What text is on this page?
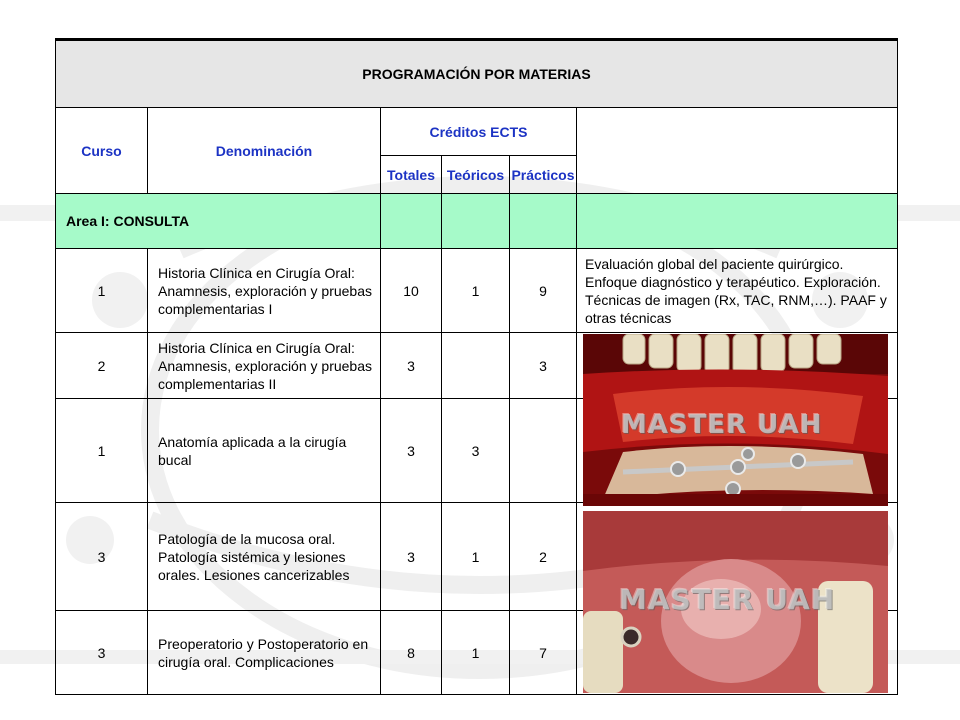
PROGRAMACIÓN POR MATERIAS					
Curso	Denominación	Créditos ECTS			
		Totales	Teóricos	Prácticos	
Area I: CONSULTA					
1	Historia Clínica en Cirugía Oral: Anamnesis, exploración y pruebas complementarias I	10	1	9	Evaluación global del paciente quirúrgico. Enfoque diagnóstico y terapéutico. Exploración. Técnicas de imagen (Rx, TAC, RNM,…). PAAF y otras técnicas
2	Historia Clínica en Cirugía Oral: Anamnesis, exploración y pruebas complementarias II	3		3	
1	Anatomía aplicada a la cirugía bucal	3	3		
3	Patología de la mucosa oral. Patología sistémica y lesiones orales. Lesiones cancerizables	3	1	2	
3	Preoperatorio y Postoperatorio en cirugía oral. Complicaciones	8	1	7	
MASTER UAH
MASTER UAH
